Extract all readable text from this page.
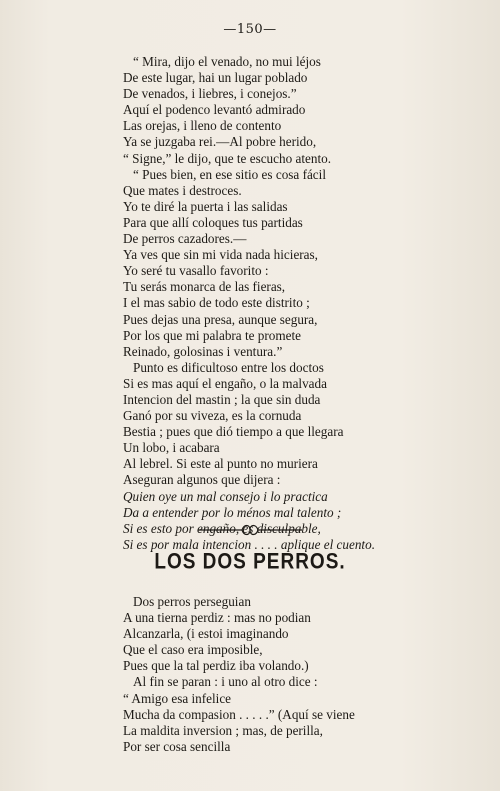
—150—
“ Mira, dijo el venado, no mui léjos
De este lugar, hai un lugar poblado
De venados, i liebres, i conejos.”
Aquí el podenco levantó admirado
Las orejas, i lleno de contento
Ya se juzgaba rei.—Al pobre herido,
“ Signe,” le dijo, que te escucho atento.
“ Pues bien, en ese sitio es cosa fácil
Que mates i destroces.
Yo te diré la puerta i las salidas
Para que allí coloques tus partidas
De perros cazadores.—
Ya ves que sin mi vida nada hicieras,
Yo seré tu vasallo favorito :
Tu serás monarca de las fieras,
I el mas sabio de todo este distrito ;
Pues dejas una presa, aunque segura,
Por los que mi palabra te promete
Reinado, golosinas i ventura.”
Punto es dificultoso entre los doctos
Si es mas aquí el engaño, o la malvada
Intencion del mastin ; la que sin duda
Ganó por su viveza, es la cornuda
Bestia ; pues que dió tiempo a que llegara
Un lobo, i acabara
Al lebrel. Si este al punto no muriera
Aseguran algunos que dijera :
Quien oye un mal consejo i lo practica
Da a entender por lo ménos mal talento ;
Si es esto por engaño, es disculpable,
Si es por mala intencion . . . . aplique el cuento.
LOS DOS PERROS.
Dos perros perseguian
A una tierna perdiz : mas no podian
Alcanzarla, (i estoi imaginando
Que el caso era imposible,
Pues que la tal perdiz iba volando.)
Al fin se paran : i uno al otro dice :
“ Amigo esa infelice
Mucha da compasion . . . . .” (Aquí se viene
La maldita inversion ; mas, de perilla,
Por ser cosa sencilla
